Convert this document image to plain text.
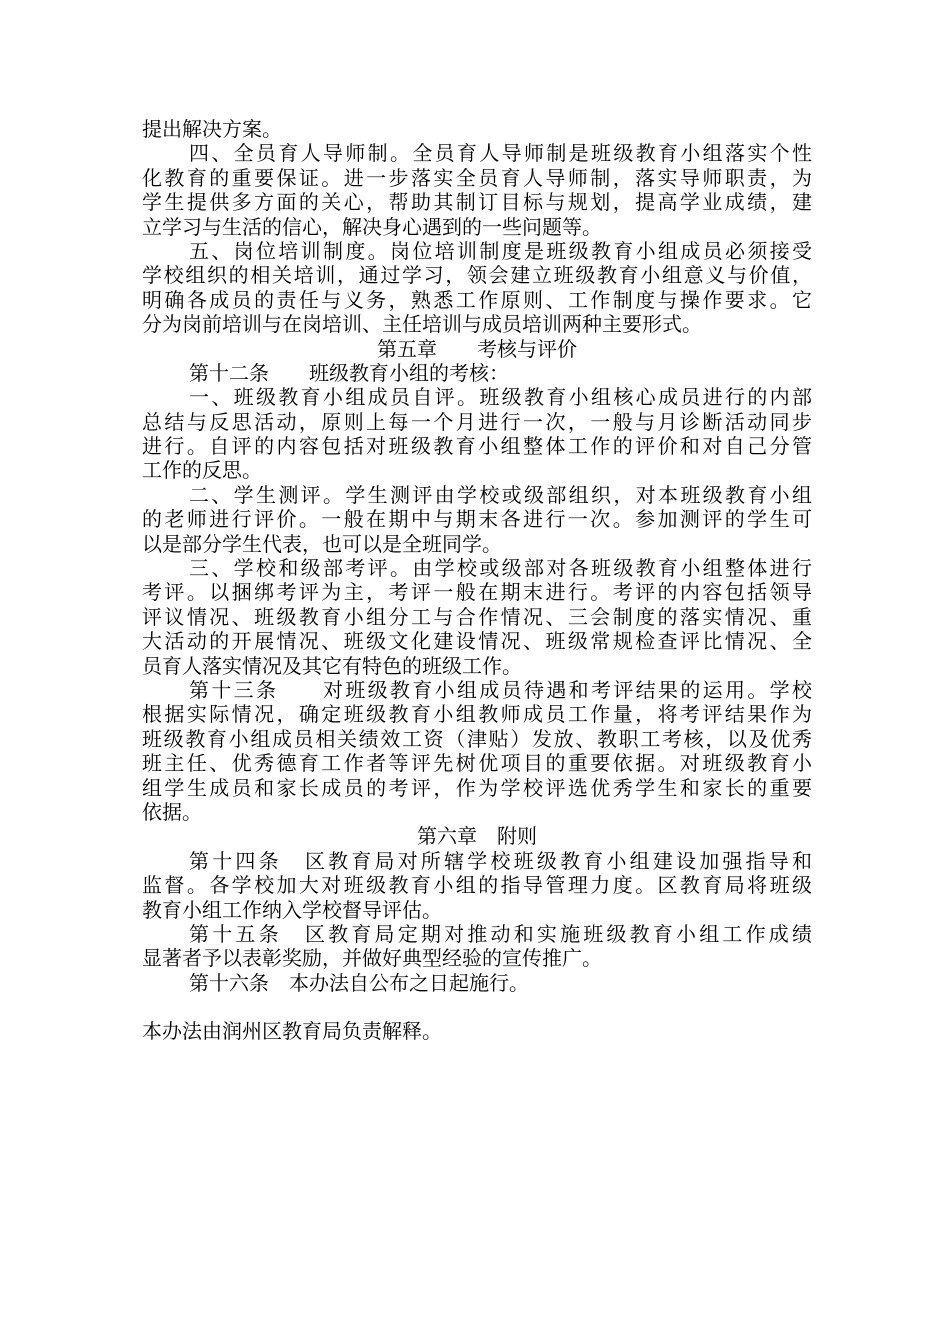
提出解决方案。
四、全员育人导师制。全员育人导师制是班级教育小组落实个性
化教育的重要保证。进一步落实全员育人导师制，落实导师职责，为
学生提供多方面的关心，帮助其制订目标与规划，提高学业成绩，建
立学习与生活的信心，解决身心遇到的一些问题等。
五、岗位培训制度。岗位培训制度是班级教育小组成员必须接受
学校组织的相关培训，通过学习，领会建立班级教育小组意义与价值，
明确各成员的责任与义务，熟悉工作原则、工作制度与操作要求。它
分为岗前培训与在岗培训、主任培训与成员培训两种主要形式。
第五章　　考核与评价
第十二条　　班级教育小组的考核：
一、班级教育小组成员自评。班级教育小组核心成员进行的内部
总结与反思活动，原则上每一个月进行一次，一般与月诊断活动同步
进行。自评的内容包括对班级教育小组整体工作的评价和对自己分管
工作的反思。
二、学生测评。学生测评由学校或级部组织，对本班级教育小组
的老师进行评价。一般在期中与期末各进行一次。参加测评的学生可
以是部分学生代表，也可以是全班同学。
三、学校和级部考评。由学校或级部对各班级教育小组整体进行
考评。以捆绑考评为主，考评一般在期末进行。考评的内容包括领导
评议情况、班级教育小组分工与合作情况、三会制度的落实情况、重
大活动的开展情况、班级文化建设情况、班级常规检查评比情况、全
员育人落实情况及其它有特色的班级工作。
第十三条　　对班级教育小组成员待遇和考评结果的运用。学校
根据实际情况，确定班级教育小组教师成员工作量，将考评结果作为
班级教育小组成员相关绩效工资（津贴）发放、教职工考核，以及优秀
班主任、优秀德育工作者等评先树优项目的重要依据。对班级教育小
组学生成员和家长成员的考评，作为学校评选优秀学生和家长的重要
依据。
第六章　附则
第十四条　区教育局对所辖学校班级教育小组建设加强指导和
监督。各学校加大对班级教育小组的指导管理力度。区教育局将班级
教育小组工作纳入学校督导评估。
第十五条　区教育局定期对推动和实施班级教育小组工作成绩
显著者予以表彰奖励，并做好典型经验的宣传推广。
第十六条　本办法自公布之日起施行。
本办法由润州区教育局负责解释。
